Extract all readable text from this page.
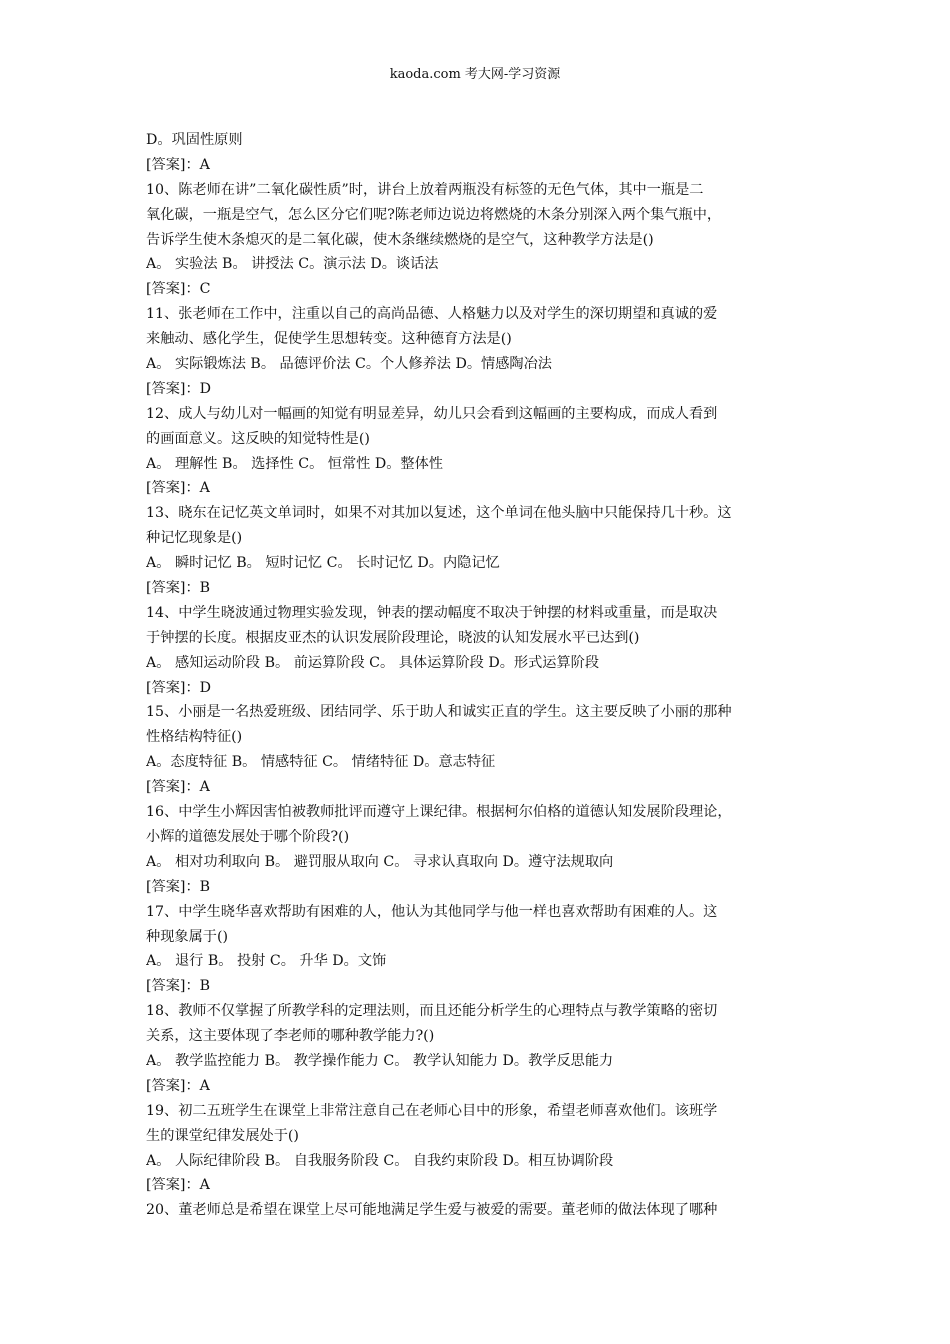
kaoda.com 考大网-学习资源
D。巩固性原则
[答案]：A
10、陈老师在讲”二氧化碳性质”时，讲台上放着两瓶没有标签的无色气体，其中一瓶是二
氧化碳，一瓶是空气，怎么区分它们呢?陈老师边说边将燃烧的木条分别深入两个集气瓶中，
告诉学生使木条熄灭的是二氧化碳，使木条继续燃烧的是空气，这种教学方法是()
A。 实验法 B。 讲授法 C。演示法 D。谈话法
[答案]：C
11、张老师在工作中，注重以自己的高尚品德、人格魅力以及对学生的深切期望和真诚的爱
来触动、感化学生，促使学生思想转变。这种德育方法是()
A。 实际锻炼法 B。 品德评价法 C。个人修养法 D。情感陶冶法
[答案]：D
12、成人与幼儿对一幅画的知觉有明显差异，幼儿只会看到这幅画的主要构成，而成人看到
的画面意义。这反映的知觉特性是()
A。 理解性 B。 选择性 C。 恒常性 D。整体性
[答案]：A
13、晓东在记忆英文单词时，如果不对其加以复述，这个单词在他头脑中只能保持几十秒。这
种记忆现象是()
A。 瞬时记忆 B。 短时记忆 C。 长时记忆 D。内隐记忆
[答案]：B
14、中学生晓波通过物理实验发现，钟表的摆动幅度不取决于钟摆的材料或重量，而是取决
于钟摆的长度。根据皮亚杰的认识发展阶段理论，晓波的认知发展水平已达到()
A。 感知运动阶段 B。 前运算阶段 C。 具体运算阶段 D。形式运算阶段
[答案]：D
15、小丽是一名热爱班级、团结同学、乐于助人和诚实正直的学生。这主要反映了小丽的那种
性格结构特征()
A。态度特征 B。 情感特征 C。 情绪特征 D。意志特征
[答案]：A
16、中学生小辉因害怕被教师批评而遵守上课纪律。根据柯尔伯格的道德认知发展阶段理论，
小辉的道德发展处于哪个阶段?()
A。 相对功利取向 B。 避罚服从取向 C。 寻求认真取向 D。遵守法规取向
[答案]：B
17、中学生晓华喜欢帮助有困难的人，他认为其他同学与他一样也喜欢帮助有困难的人。这
种现象属于()
A。 退行 B。 投射 C。 升华 D。文饰
[答案]：B
18、教师不仅掌握了所教学科的定理法则，而且还能分析学生的心理特点与教学策略的密切
关系，这主要体现了李老师的哪种教学能力?()
A。 教学监控能力 B。 教学操作能力 C。 教学认知能力 D。教学反思能力
[答案]：A
19、初二五班学生在课堂上非常注意自己在老师心目中的形象，希望老师喜欢他们。该班学
生的课堂纪律发展处于()
A。 人际纪律阶段 B。 自我服务阶段 C。 自我约束阶段 D。相互协调阶段
[答案]：A
20、董老师总是希望在课堂上尽可能地满足学生爱与被爱的需要。董老师的做法体现了哪种
